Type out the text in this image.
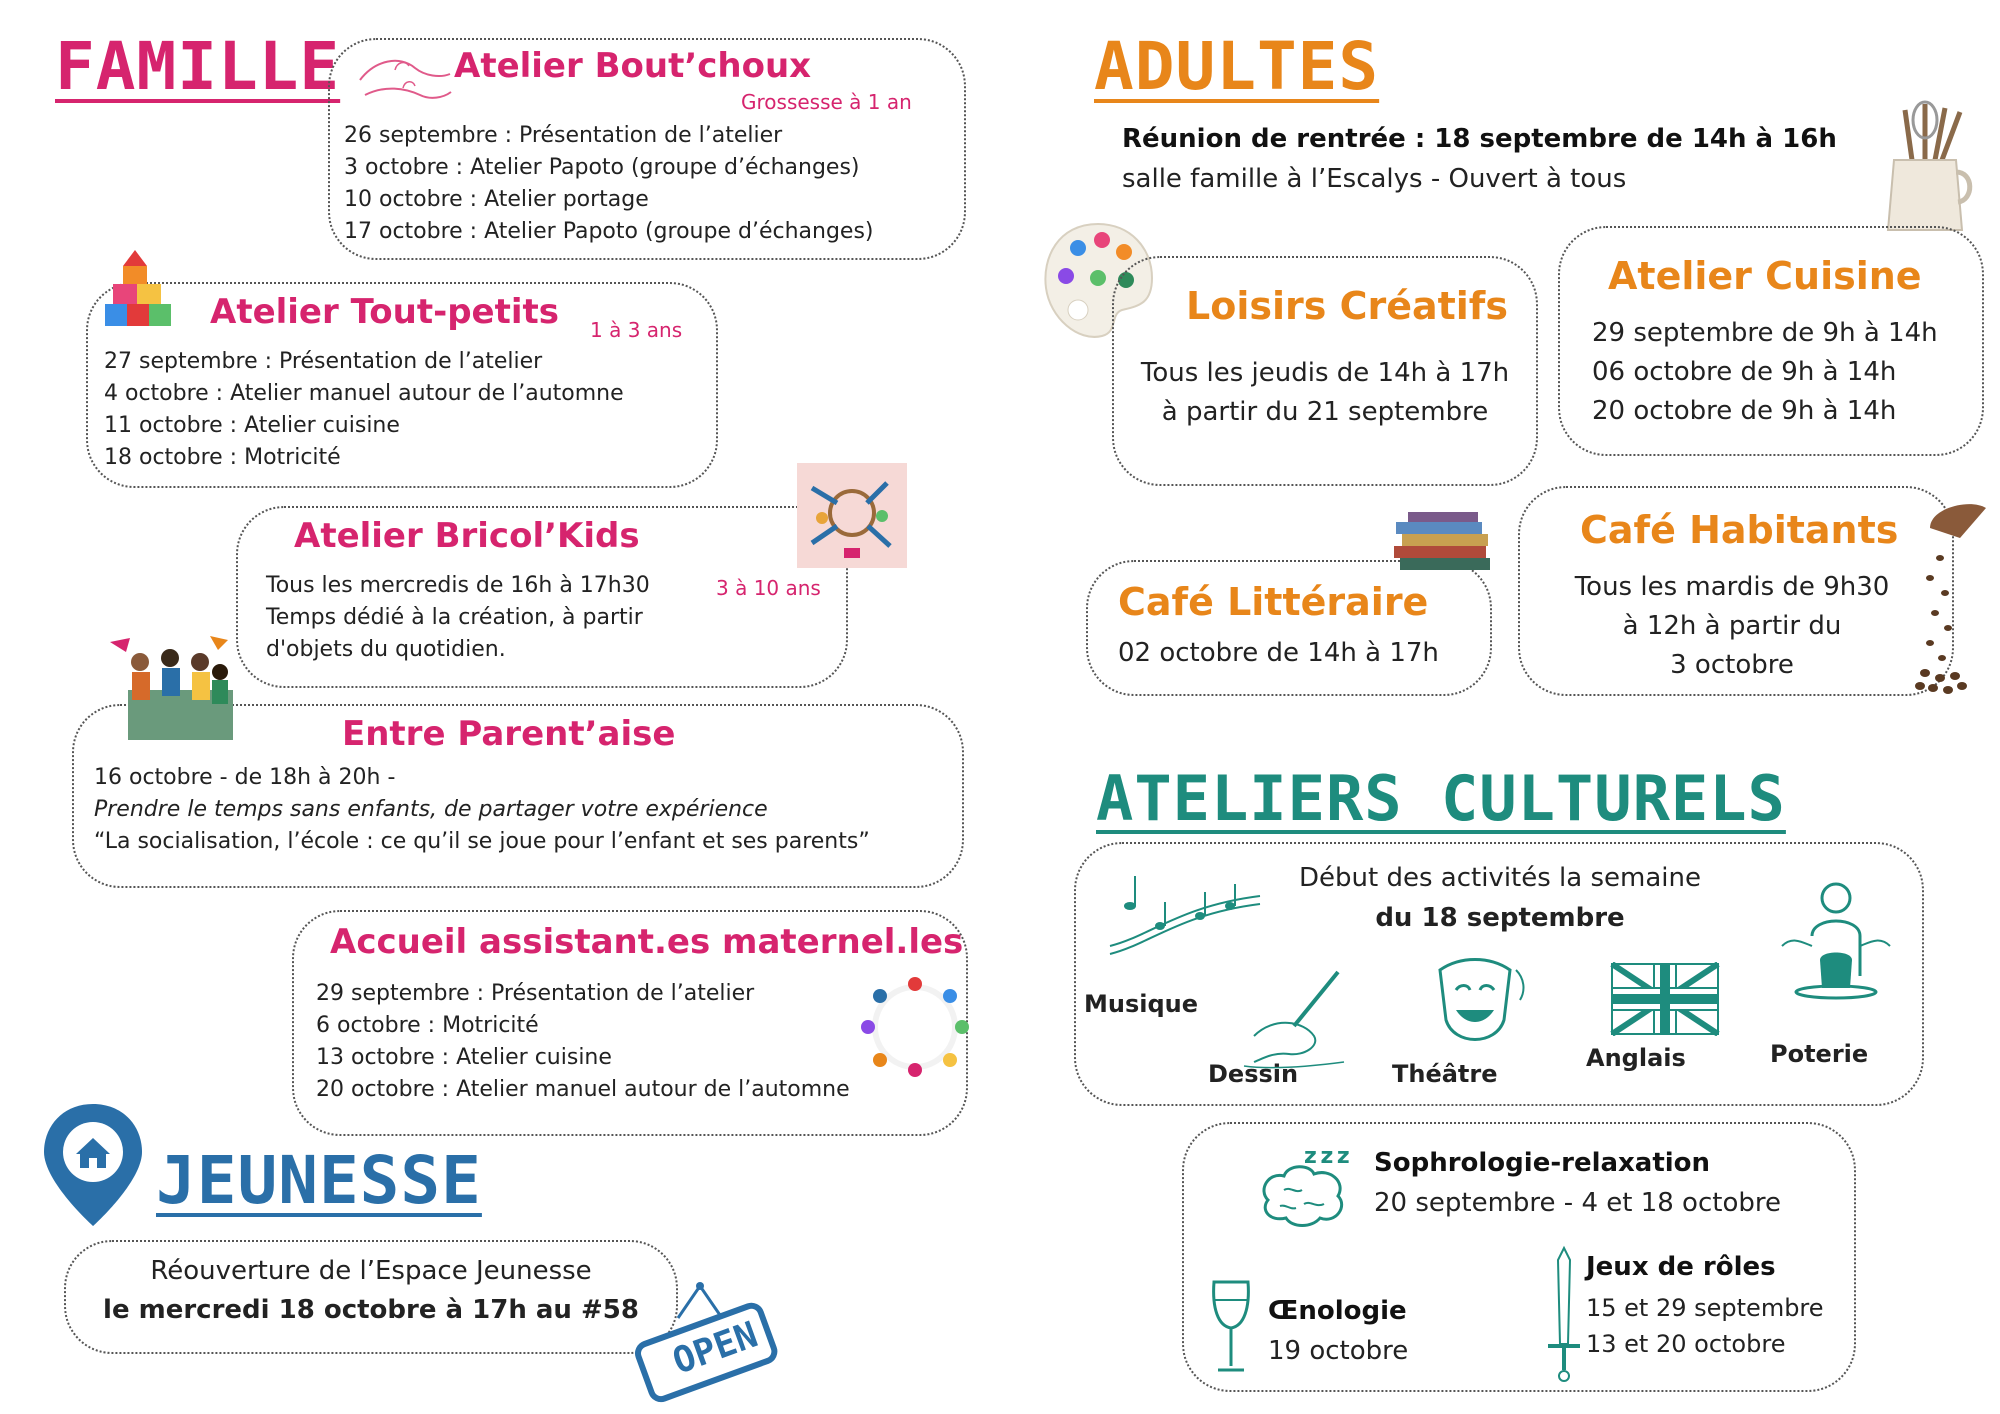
FAMILLE	Atelier Bout’choux
Grossesse à 1 an
26 septembre : Présentation de l’atelier
3 octobre : Atelier Papoto (groupe d’échanges)
10 octobre : Atelier portage
17 octobre : Atelier Papoto (groupe d’échanges)
Atelier Tout-petits 1 à 3 ans
27 septembre : Présentation de l’atelier
4 octobre : Atelier manuel autour de l’automne
11 octobre : Atelier cuisine
18 octobre : Motricité
Atelier Bricol’Kids
3 à 10 ans
Tous les mercredis de 16h à 17h30
Temps dédié à la création, à partir
d'objets du quotidien.
Entre Parent’aise
16 octobre - de 18h à 20h -
Prendre le temps sans enfants, de partager votre expérience
“La socialisation, l’école : ce qu’il se joue pour l’enfant et ses parents”
Accueil assistant.es maternel.les
29 septembre : Présentation de l’atelier
6 octobre : Motricité
13 octobre : Atelier cuisine
20 octobre : Atelier manuel autour de l’automne
JEUNESSE
Réouverture de l’Espace Jeunesse
le mercredi 18 octobre à 17h au #58
OPEN
ADULTES
Réunion de rentrée : 18 septembre de 14h à 16h
salle famille à l’Escalys - Ouvert à tous
Loisirs Créatifs
Tous les jeudis de 14h à 17h
à partir du 21 septembre
Atelier Cuisine
29 septembre de 9h à 14h
06 octobre de 9h à 14h
20 octobre de 9h à 14h
Café Littéraire
02 octobre de 14h à 17h
Café Habitants
Tous les mardis de 9h30
à 12h à partir du
3 octobre
ATELIERS CULTURELS
Début des activités la semaine
du 18 septembre
Musique
Dessin	Théâtre
Anglais	Poterie
z z z Sophrologie-relaxation
20 septembre - 4 et 18 octobre
Œnologie
19 octobre
Jeux de rôles
15 et 29 septembre
13 et 20 octobre
